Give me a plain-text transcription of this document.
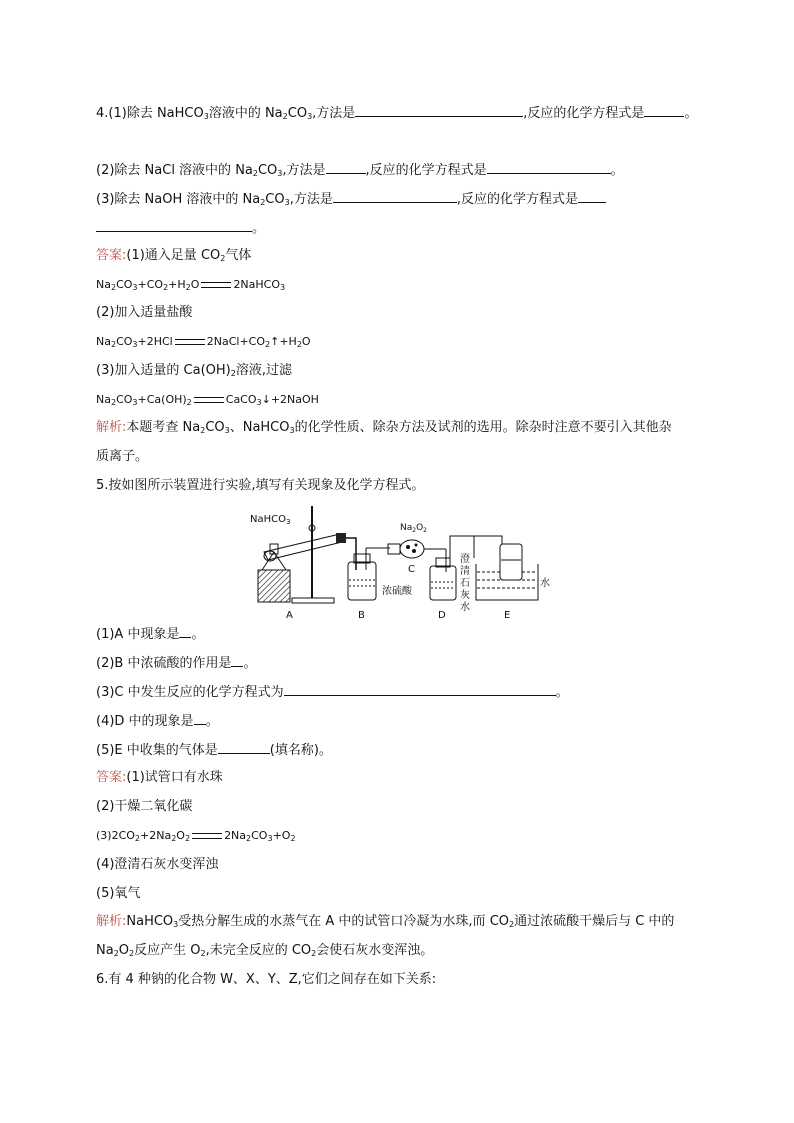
4.(1)除去 NaHCO$_3$溶液中的 $Na_2CO_3$,方法是	,反应的化学方程式是	。
(2)除去 NaCl 溶液中的 $Na_2CO_3$,方法是	,反应的化学方程式是	。
(3)除去 NaOH 溶液中的 $Na_2CO_3$,方法是	,反应的化学方程式是
。
答案:(1)通入足量 $CO_2$气体
$Na_2CO_3+CO_2+H_2O$	2NaHCO$_3$
(2)加入适量盐酸
$Na_2CO_3+2HCl$	$2NaCl+CO_2↑+H_2O$
(3)加入适量的 $Ca(OH)_2$溶液,过滤
$Na_2CO_3+Ca(OH)_2$	CaCO$_3$↓+2NaOH
解析:本题考查 $Na_2CO_3$、NaHCO$_3$的化学性质、除杂方法及试剂的选用。除杂时注意不要引入其他杂
质离子。
5.按如图所示装置进行实验,填写有关现象及化学方程式。
NaHCO$_3$
浓硫酸
$Na_2O_2$
C
澄
清
石
灰
水
水
A	B	D	E
(1)A 中现象是 。
(2)B 中浓硫酸的作用是 。
(3)C 中发生反应的化学方程式为	。
(4)D 中的现象是 。
(5)E 中收集的气体是	(填名称)。
答案:(1)试管口有水珠
(2)干燥二氧化碳
$(3)2CO_2+2Na_2O_2$	$2Na_2CO_3+O_2$
(4)澄清石灰水变浑浊
(5)氧气
解析:NaHCO$_3$受热分解生成的水蒸气在 A 中的试管口冷凝为水珠,而 $CO_2$通过浓硫酸干燥后与 C 中的
$Na_2O_2$反应产生 $O_2$,未完全反应的 $CO_2$会使石灰水变浑浊。
6.有 4 种钠的化合物 W、X、Y、Z,它们之间存在如下关系:
